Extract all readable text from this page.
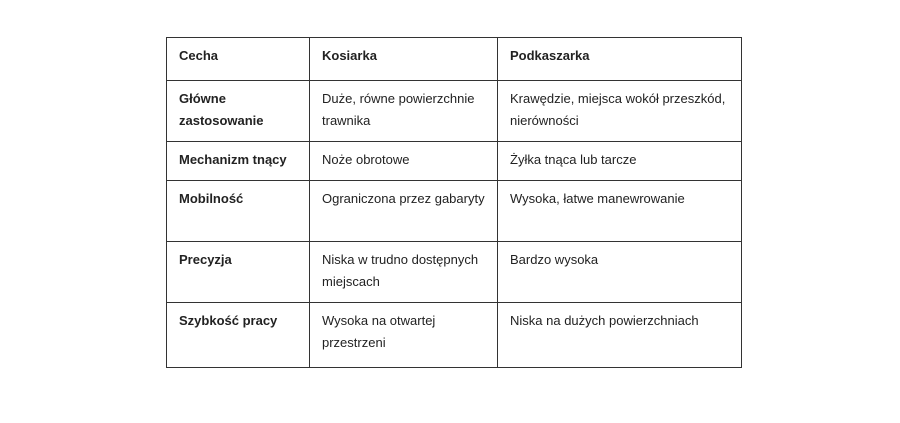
Cecha	Kosiarka	Podkaszarka
Główne zastosowanie	Duże, równe powierzchnie trawnika	Krawędzie, miejsca wokół przeszkód, nierówności
Mechanizm tnący	Noże obrotowe	Żyłka tnąca lub tarcze
Mobilność	Ograniczona przez gabaryty	Wysoka, łatwe manewrowanie
Precyzja	Niska w trudno dostępnych miejscach	Bardzo wysoka
Szybkość pracy	Wysoka na otwartej przestrzeni	Niska na dużych powierzchniach
